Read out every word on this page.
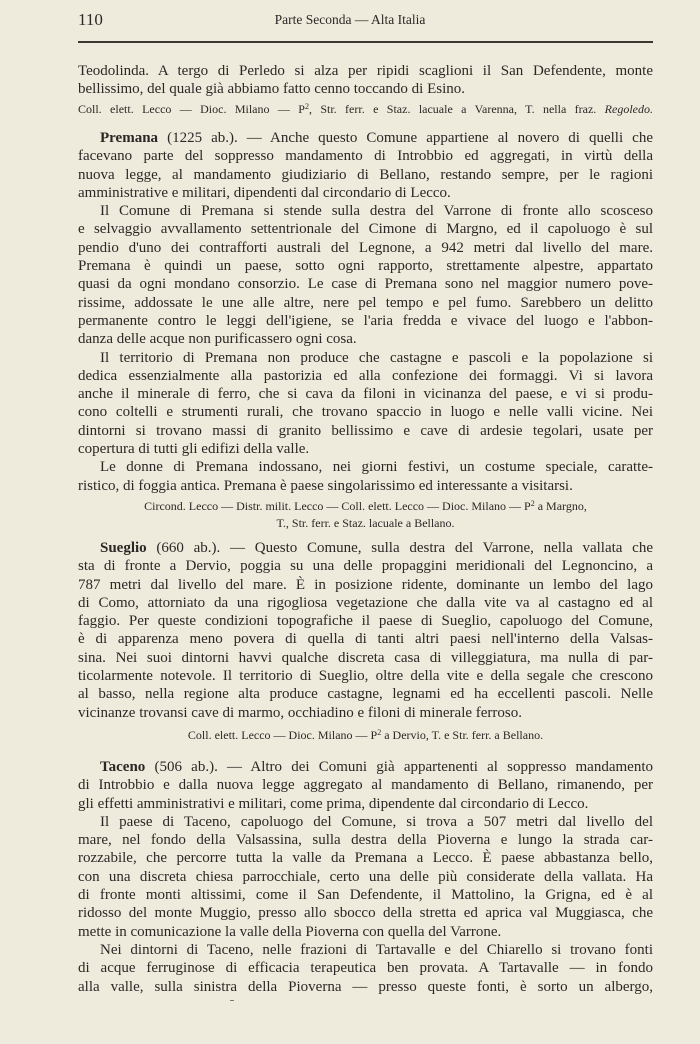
110	Parte Seconda — Alta Italia
Teodolinda. A tergo di Perledo si alza per ripidi scaglioni il San Defendente, monte
bellissimo, del quale già abbiamo fatto cenno toccando di Esino.
Coll. elett. Lecco — Dioc. Milano — $P^2$, Str. ferr. e Staz. lacuale a Varenna, T. nella fraz. Regoledo.
Premana (1225 ab.). — Anche questo Comune appartiene al novero di quelli che
facevano parte del soppresso mandamento di Introbbio ed aggregati, in virtù della
nuova legge, al mandamento giudiziario di Bellano, restando sempre, per le ragioni
amministrative e militari, dipendenti dal circondario di Lecco.
Il Comune di Premana si stende sulla destra del Varrone di fronte allo scosceso
e selvaggio avvallamento settentrionale del Cimone di Margno, ed il capoluogo è sul
pendio d'uno dei contrafforti australi del Legnone, a 942 metri dal livello del mare.
Premana è quindi un paese, sotto ogni rapporto, strettamente alpestre, appartato
quasi da ogni mondano consorzio. Le case di Premana sono nel maggior numero pove-
rissime, addossate le une alle altre, nere pel tempo e pel fumo. Sarebbero un delitto
permanente contro le leggi dell'igiene, se l'aria fredda e vivace del luogo e l'abbon-
danza delle acque non purificassero ogni cosa.
Il territorio di Premana non produce che castagne e pascoli e la popolazione si
dedica essenzialmente alla pastorizia ed alla confezione dei formaggi. Vi si lavora
anche il minerale di ferro, che si cava da filoni in vicinanza del paese, e vi si produ-
cono coltelli e strumenti rurali, che trovano spaccio in luogo e nelle valli vicine. Nei
dintorni si trovano massi di granito bellissimo e cave di ardesie tegolari, usate per
copertura di tutti gli edifizi della valle.
Le donne di Premana indossano, nei giorni festivi, un costume speciale, caratte-
ristico, di foggia antica. Premana è paese singolarissimo ed interessante a visitarsi.
Circond. Lecco — Distr. milit. Lecco — Coll. elett. Lecco — Dioc. Milano — $P^2$ a Margno,
T., Str. ferr. e Staz. lacuale a Bellano.
Sueglio (660 ab.). — Questo Comune, sulla destra del Varrone, nella vallata che
sta di fronte a Dervio, poggia su una delle propaggini meridionali del Legnoncino, a
787 metri dal livello del mare. È in posizione ridente, dominante un lembo del lago
di Como, attorniato da una rigogliosa vegetazione che dalla vite va al castagno ed al
faggio. Per queste condizioni topografiche il paese di Sueglio, capoluogo del Comune,
è di apparenza meno povera di quella di tanti altri paesi nell'interno della Valsas-
sina. Nei suoi dintorni havvi qualche discreta casa di villeggiatura, ma nulla di par-
ticolarmente notevole. Il territorio di Sueglio, oltre della vite e della segale che crescono
al basso, nella regione alta produce castagne, legnami ed ha eccellenti pascoli. Nelle
vicinanze trovansi cave di marmo, occhiadino e filoni di minerale ferroso.
Coll. elett. Lecco — Dioc. Milano — $P^2$ a Dervio, T. e Str. ferr. a Bellano.
Taceno (506 ab.). — Altro dei Comuni già appartenenti al soppresso mandamento
di Introbbio e dalla nuova legge aggregato al mandamento di Bellano, rimanendo, per
gli effetti amministrativi e militari, come prima, dipendente dal circondario di Lecco.
Il paese di Taceno, capoluogo del Comune, si trova a 507 metri dal livello del
mare, nel fondo della Valsassina, sulla destra della Pioverna e lungo la strada car-
rozzabile, che percorre tutta la valle da Premana a Lecco. È paese abbastanza bello,
con una discreta chiesa parrocchiale, certo una delle più considerate della vallata. Ha
di fronte monti altissimi, come il San Defendente, il Mattolino, la Grigna, ed è al
ridosso del monte Muggio, presso allo sbocco della stretta ed aprica val Muggiasca, che
mette in comunicazione la valle della Pioverna con quella del Varrone.
Nei dintorni di Taceno, nelle frazioni di Tartavalle e del Chiarello si trovano fonti
di acque ferruginose di efficacia terapeutica ben provata. A Tartavalle — in fondo
alla valle, sulla sinistra della Pioverna — presso queste fonti, è sorto un albergo,
